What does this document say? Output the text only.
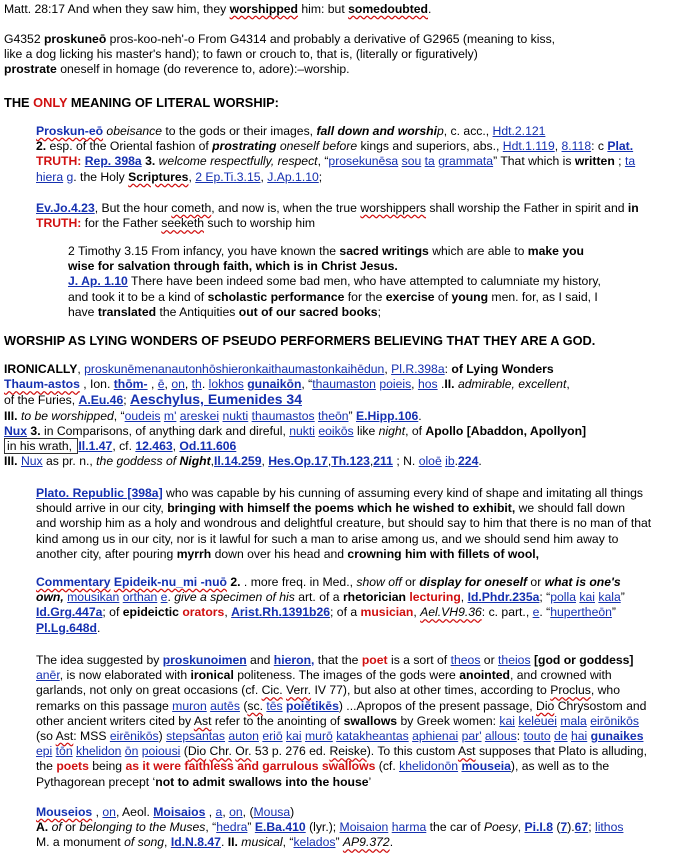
Matt. 28:17 And when they saw him, they worshipped him: but somedoubted.
G4352 proskuneō pros-koo-neh'-o From G4314 and probably a derivative of G2965 (meaning to kiss,
like a dog licking his master's hand); to fawn or crouch to, that is, (literally or figuratively)
prostrate oneself in homage (do reverence to, adore):–worship.
THE ONLY MEANING OF LITERAL WORSHIP:
Proskun-eō obeisance to the gods or their images, fall down and worship, c. acc., Hdt.2.121
2. esp. of the Oriental fashion of prostrating oneself before kings and superiors, abs., Hdt.1.119, 8.118: c Plat.
TRUTH: Rep. 398a 3. welcome respectfully, respect, “prosekunēsa sou ta grammata” That which is written ; ta
hiera g. the Holy Scriptures, 2 Ep.Ti.3.15, J.Ap.1.10;
Ev.Jo.4.23, But the hour cometh, and now is, when the true worshippers shall worship the Father in spirit and in
TRUTH: for the Father seeketh such to worship him
2 Timothy 3.15 From infancy, you have known the sacred writings which are able to make you
wise for salvation through faith, which is in Christ Jesus.
J. Ap. 1.10 There have been indeed some bad men, who have attempted to calumniate my history,
and took it to be a kind of scholastic performance for the exercise of young men. for, as I said, I
have translated the Antiquities out of our sacred books;
WORSHIP AS LYING WONDERS OF PSEUDO PERFORMERS BELIEVING THAT THEY ARE A GOD.
IRONICALLY, proskunēmenanautonhōshieronkaithaumastonkaihēdun, Pl.R.398a: of Lying Wonders
Thaum-astos , Ion. thōm- , ē, on, th. lokhos gunaikōn, “thaumaston poieis, hos .II. admirable, excellent,
of the Furies, A.Eu.46; Aeschylus, Eumenides 34
III. to be worshipped, “oudeis m' areskei nukti thaumastos theōn” E.Hipp.106.
Nux 3. in Comparisons, of anything dark and direful, nukti eoikōs like night, of Apollo [Abaddon, Apollyon]
in his wrath, Il.1.47, cf. 12.463, Od.11.606
III. Nux as pr. n., the goddess of Night,Il.14.259, Hes.Op.17,Th.123,211 ; N. oloē ib.224.
Plato. Republic [398a] who was capable by his cunning of assuming every kind of shape and imitating all things
should arrive in our city, bringing with himself the poems which he wished to exhibit, we should fall down
and worship him as a holy and wondrous and delightful creature, but should say to him that there is no man of that
kind among us in our city, nor is it lawful for such a man to arise among us, and we should send him away to
another city, after pouring myrrh down over his head and crowning him with fillets of wool,
Commentary Epideik-nu_mi -nuō 2. . more freq. in Med., show off or display for oneself or what is one's
own, mousikan orthan e. give a specimen of his art. of a rhetorician lecturing, Id.Phdr.235a; “polla kai kala”
Id.Grg.447a; of epideictic orators, Arist.Rh.1391b26; of a musician, Ael.VH9.36: c. part., e. “hupertheōn”
Pl.Lg.648d.
The idea suggested by proskunoimen and hieron, that the poet is a sort of theos or theios [god or goddess]
anēr, is now elaborated with ironical politeness. The images of the gods were anointed, and crowned with
garlands, not only on great occasions (cf. Cic. Verr. IV 77), but also at other times, according to Proclus, who
remarks on this passage muron autēs (sc. tēs poiētikēs) ...Apropos of the present passage, Dio Chrysostom and
other ancient writers cited by Ast refer to the anointing of swallows by Greek women: kai keleuei mala eirōnikōs
(so Ast: MSS eirēnikōs) stepsantas auton eriō kai murō katakheantas aphienai par' allous: touto de hai gunaikes
epi tōn khelidon ōn poiousi (Dio Chr. Or. 53 p. 276 ed. Reiske). To this custom Ast supposes that Plato is alluding,
the poets being as it were faithless and garrulous swallows (cf. khelidonōn mouseia), as well as to the
Pythagorean precept ‘not to admit swallows into the house’
Mouseios , on, Aeol. Moisaios , a, on, (Mousa)
A. of or belonging to the Muses, “hedra” E.Ba.410 (lyr.); Moisaion harma the car of Poesy, Pi.I.8 (7).67; lithos
M. a monument of song, Id.N.8.47. II. musical, “kelados” AP9.372.
